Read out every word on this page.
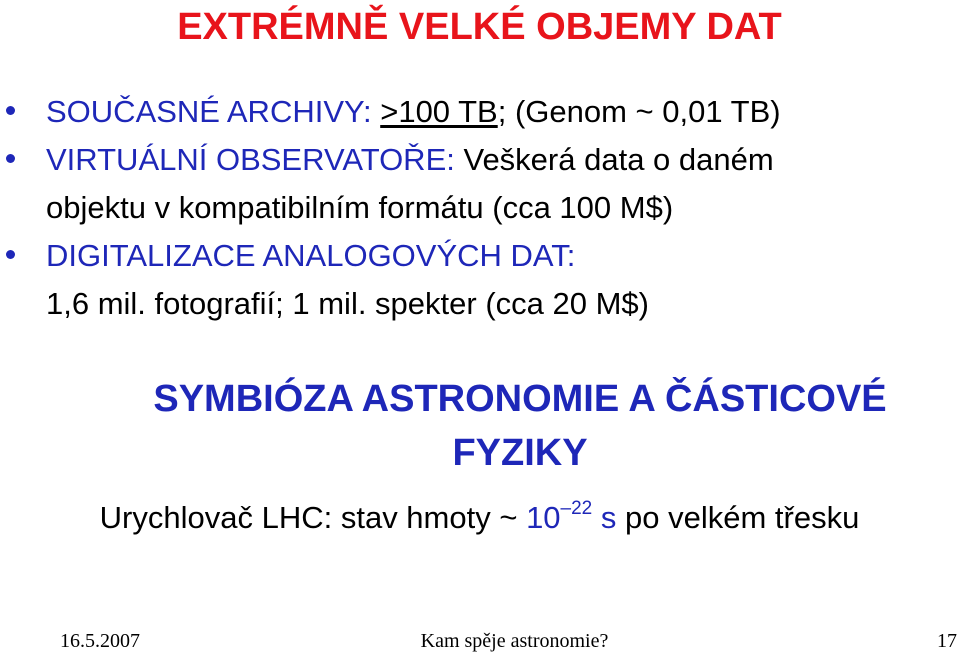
EXTRÉMNĚ VELKÉ OBJEMY DAT
SOUČASNÉ ARCHIVY: >100 TB; (Genom ~ 0,01 TB)
VIRTUÁLNÍ OBSERVATOŘE: Veškerá data o daném
objektu v kompatibilním formátu (cca 100 M$)
DIGITALIZACE ANALOGOVÝCH DAT:
1,6 mil. fotografií; 1 mil. spekter (cca 20 M$)
SYMBIÓZA ASTRONOMIE A ČÁSTICOVÉ
FYZIKY
Urychlovač LHC: stav hmoty ~ $10^{-22}$ s po velkém třesku
16.5.2007	Kam spěje astronomie?	17
